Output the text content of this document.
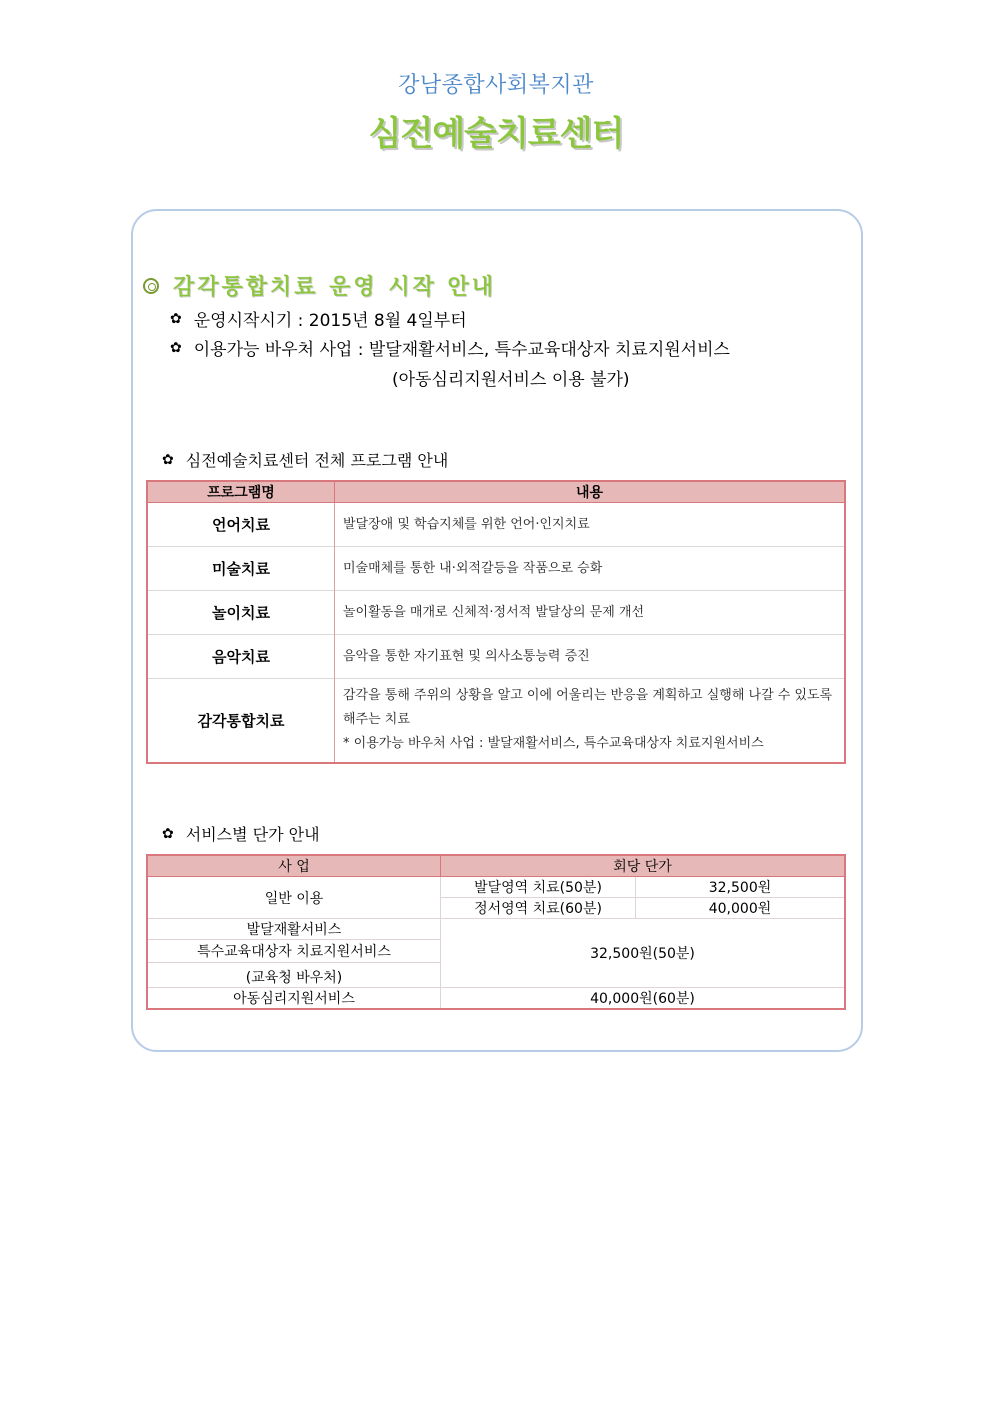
강남종합사회복지관
심전예술치료센터
감각통합치료 운영 시작 안내
✿ 운영시작시기 : 2015년 8월 4일부터
✿ 이용가능 바우처 사업 : 발달재활서비스, 특수교육대상자 치료지원서비스
(아동심리지원서비스 이용 불가)
✿ 심전예술치료센터 전체 프로그램 안내
프로그램명	내용
언어치료	발달장애 및 학습지체를 위한 언어·인지치료
미술치료	미술매체를 통한 내·외적갈등을 작품으로 승화
놀이치료	놀이활동을 매개로 신체적·정서적 발달상의 문제 개선
음악치료	음악을 통한 자기표현 및 의사소통능력 증진
감각통합치료	감각을 통해 주위의 상황을 알고 이에 어울리는 반응을 계획하고 실행해 나갈 수 있도록 해주는 치료
* 이용가능 바우처 사업 : 발달재활서비스, 특수교육대상자 치료지원서비스
✿ 서비스별 단가 안내
사 업	회당 단가	
일반 이용	발달영역 치료(50분)	32,500원
	정서영역 치료(60분)	40,000원
발달재활서비스	32,500원(50분)	
특수교육대상자 치료지원서비스		
(교육청 바우처)		
아동심리지원서비스	40,000원(60분)	
